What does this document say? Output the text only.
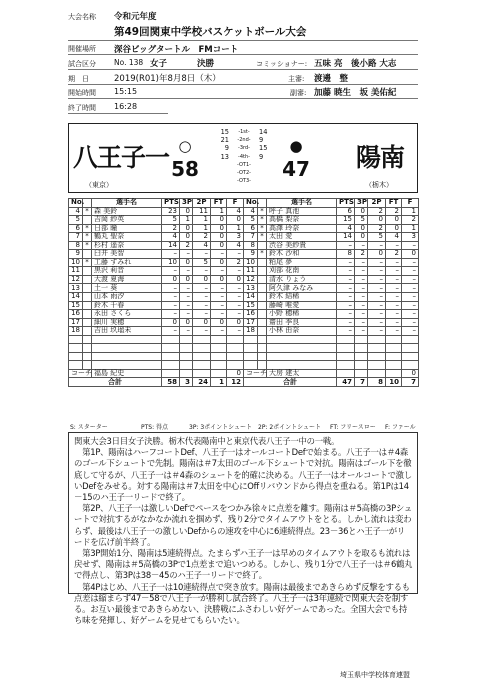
大会名称 令和元年度
第49回関東中学校バスケットボール大会
開催場所 深谷ビッグタートル　FMコート
試合区分 No. 138 女子	決勝	コミッショナー: 五味 亮　後小路 大志
期　日	2019(R01)年8月8日（木）	主審: 渡邊　整
開始時間 15:15	副審: 加藤 暁生　坂 美佑紀
終了時間 16:28
八王子一 ○
58
（東京）
15	-1st-	14
21	-2nd-	9
9	-3rd-	15
13	-4th-	9
-OT1-
-OT2-
-OT3-
●
47 陽南
（栃木）
No.		選手名	PTS	3P	2P	FT	F
4	*	森 美鈴	23	0	11	1	4
5		吉岡 紗英	5	1	1	0	0
6	*	日部 瞳	2	0	1	0	1
7	*	鶴丸 聖奈	4	0	2	0	3
8	*	杉村 遥奈	14	2	4	0	4
9		臼井 美智	–	–	–	–	–
10	*	工藤 すみれ	10	0	5	0	2
11		黒沢 莉音	–	–	–	–	–
12		大渡 夏海	0	0	0	0	0
13		土一 葵	–	–	–	–	–
14		山本 雨汐	–	–	–	–	–
15		鈴木 千春	–	–	–	–	–
16		永田 さくら	–	–	–	–	–
17		細川 実穂	0	0	0	0	0
18		吉田 玖瑠未	–	–	–	–	–

コーチ		福島 紀史					0
合計			58	3	24	1	12
No.		選手名	PTS	3P	2P	FT	F
4	*	呼子 真池	6	0	2	2	1
5	*	高橋 梨奈	15	5	0	0	2
6	*	高澤 玲奈	4	0	2	0	1
7	*	太田 愛	14	0	5	4	3
8		渋谷 美紗貴	–	–	–	–	–
9	*	鈴木 沙和	8	2	0	2	0
10		粕尾 夢	–	–	–	–	–
11		刈部 花南	–	–	–	–	–
12		清水 りょう	–	–	–	–	–
13		阿久津 みなみ	–	–	–	–	–
14		鈴木 結稀	–	–	–	–	–
15		藤崎 唯愛	–	–	–	–	–
16		小野 穂稀	–	–	–	–	–
17		齋田 季良	–	–	–	–	–
18		小林 由奈	–	–	–	–	–

コーチ		大房 建太					0
合計			47	7	8	10	7
S: スターター	PTS: 得点	3P: 3ポイントシュート 2P: 2ポイントシュート FT: フリースロー F: ファール

関東大会3日目女子決勝。栃木代表陽南中と東京代表八王子一中の一戦。

　第1P、陽南はハーフコートDef、八王子一はオールコートDefで始まる。八王子一は＃4森のゴール下シュートで先制。陽南は＃7太田のゴール下シュートで対抗。陽南はゴール下を徹底して守るが、八王子一は＃4森のシュートを的確に決める。八王子一はオールコートで激しいDefをみせる。対する陽南は＃7太田を中心にOffリバウンドから得点を重ねる。第1Pは14－15のハ王子一リードで終了。

　第2P、八王子一は激しいDefでペースをつかみ徐々に点差を離す。陽南は＃5高橋の3Pシュートで対抗するがなかなか流れを掴めず、残り2分でタイムアウトをとる。しかし流れは変わらず、最後は八王子一の激しいDefからの速攻を中心に6連続得点。23－36とハ王子一がリードを広げ前半終了。

　第3P開始1分、陽南は5連続得点。たまらずハ王子一は早めのタイムアウトを取るも流れは戻せず、陽南は＃5高橋の3Pで1点差まで追いつめる。しかし、残り1分で八王子一は＃6鶴丸で得点し、第3Pは38－45のハ王子一リードで終了。

　第4Pはじめ、八王子一は10連続得点で突き放す。陽南は最後まであきらめず反撃をするも点差は縮まらず47－58で八王子一が勝利し試合終了。八王子一は3年連続で関東大会を制する。お互い最後まであきらめない、決勝戦にふさわしい好ゲームであった。全国大会でも持ち味を発揮し、好ゲームを見せてもらいたい。

埼玉県中学校体育連盟
